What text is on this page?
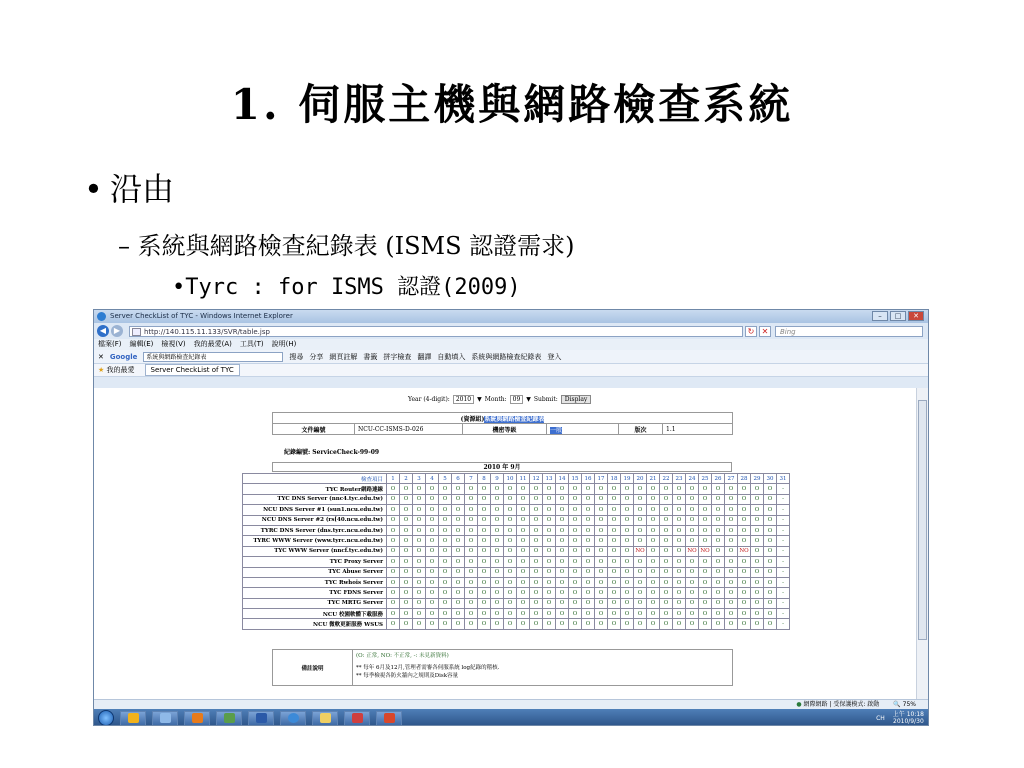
1. 伺服主機與網路檢查系統
• 沿由
– 系統與網路檢查紀錄表 (ISMS 認證需求)
•Tyrc : for ISMS 認證(2009)
Server CheckList of TYC - Windows Internet Explorer	–	□	✕
◀ ▶	http://140.115.11.133/SVR/table.jsp	↻ ✕	Bing
檔案(F) 編輯(E) 檢視(V) 我的最愛(A) 工具(T) 說明(H)
✕ Google	系統與網路檢查紀錄表	搜尋 分享 網頁註解 書籤 拼字檢查 翻譯 自動填入 系統與網路檢查紀錄表 登入
★ 我的最愛	Server CheckList of TYC
Year (4-digit):	2010	▼ Month:	09	▼ Submit:	Display
(資源組)系統與網路檢查紀錄表
文件編號	NCU-CC-ISMS-D-026	機密等級	一般	版次	1.1
紀錄編號: ServiceCheck-99-09
2010 年 9月
檢查項目	1	2	3	4	5	6	7	8	9	10	11	12	13	14	15	16	17	18	19	20	21	22	23	24	25	26	27	28	29	30	31
TYC Router網路連線	O	O	O	O	O	O	O	O	O	O	O	O	O	O	O	O	O	O	O	O	O	O	O	O	O	O	O	O	O	O	-
TYC DNS Server (nnc4.tyc.edu.tw)	O	O	O	O	O	O	O	O	O	O	O	O	O	O	O	O	O	O	O	O	O	O	O	O	O	O	O	O	O	O	-
NCU DNS Server #1 (sun1.ncu.edu.tw)	O	O	O	O	O	O	O	O	O	O	O	O	O	O	O	O	O	O	O	O	O	O	O	O	O	O	O	O	O	O	-
NCU DNS Server #2 (rs[40.ncu.edu.tw)	O	O	O	O	O	O	O	O	O	O	O	O	O	O	O	O	O	O	O	O	O	O	O	O	O	O	O	O	O	O	-
TYRC DNS Server (dns.tyrc.ncu.edu.tw)	O	O	O	O	O	O	O	O	O	O	O	O	O	O	O	O	O	O	O	O	O	O	O	O	O	O	O	O	O	O	-
TYRC WWW Server (www.tyrc.ncu.edu.tw)	O	O	O	O	O	O	O	O	O	O	O	O	O	O	O	O	O	O	O	O	O	O	O	O	O	O	O	O	O	O	-
TYC WWW Server (nncf.tyc.edu.tw)	O	O	O	O	O	O	O	O	O	O	O	O	O	O	O	O	O	O	O	NO	O	O	O	NO	NO	O	O	NO	O	O	-
TYC Proxy Server	O	O	O	O	O	O	O	O	O	O	O	O	O	O	O	O	O	O	O	O	O	O	O	O	O	O	O	O	O	O	-
TYC Abuse Server	O	O	O	O	O	O	O	O	O	O	O	O	O	O	O	O	O	O	O	O	O	O	O	O	O	O	O	O	O	O	-
TYC Rwhois Server	O	O	O	O	O	O	O	O	O	O	O	O	O	O	O	O	O	O	O	O	O	O	O	O	O	O	O	O	O	O	-
TYC FDNS Server	O	O	O	O	O	O	O	O	O	O	O	O	O	O	O	O	O	O	O	O	O	O	O	O	O	O	O	O	O	O	-
TYC MRTG Server	O	O	O	O	O	O	O	O	O	O	O	O	O	O	O	O	O	O	O	O	O	O	O	O	O	O	O	O	O	O	-
NCU 校園軟體下載服務	O	O	O	O	O	O	O	O	O	O	O	O	O	O	O	O	O	O	O	O	O	O	O	O	O	O	O	O	O	O	-
NCU 微軟更新服務 WSUS	O	O	O	O	O	O	O	O	O	O	O	O	O	O	O	O	O	O	O	O	O	O	O	O	O	O	O	O	O	O	-
備註說明	
(O: 正常, NO: 不正常, -: 未見新資料)
** 每年 6月及12月,管理者需審各伺服系統 log紀錄的稽核.
** 每季檢視各防火牆內之規則及Disk容量
● 網際網路 | 受保護模式: 啟動 🔍 75%
CH 上午 10:18
2010/9/30
